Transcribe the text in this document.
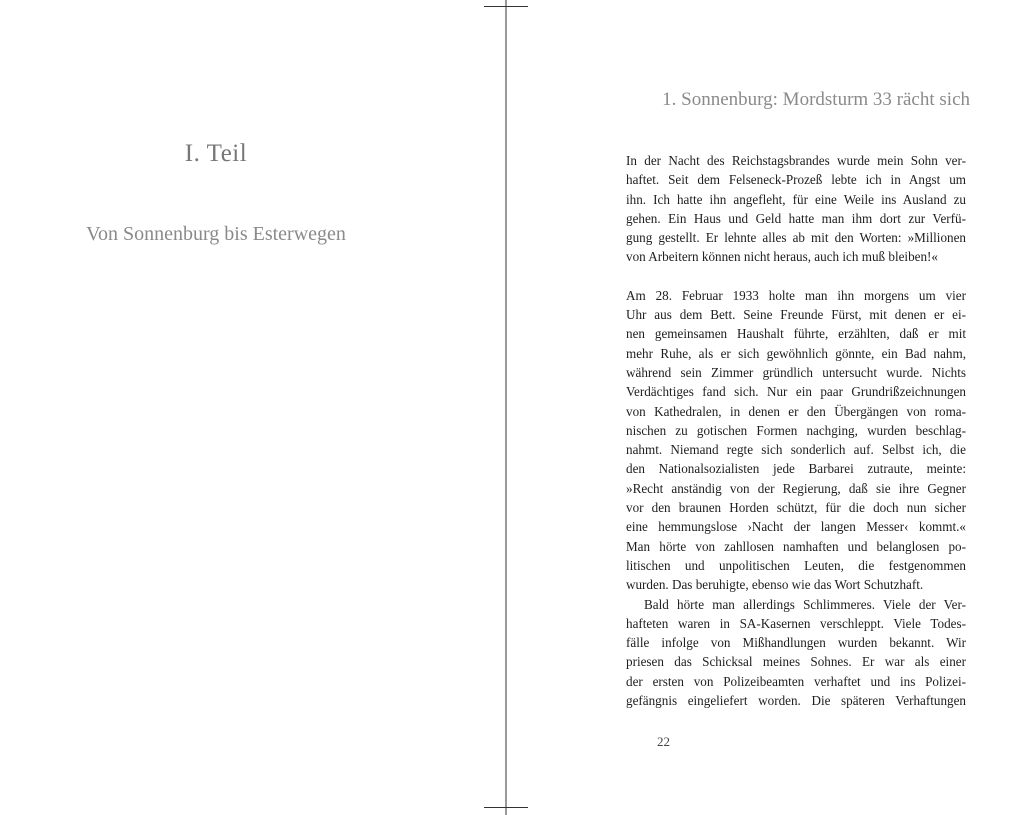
I. Teil
Von Sonnenburg bis Esterwegen
1. Sonnenburg: Mordsturm 33 rächt sich
In der Nacht des Reichstagsbrandes wurde mein Sohn ver-
haftet. Seit dem Felseneck-Prozeß lebte ich in Angst um
ihn. Ich hatte ihn angefleht, für eine Weile ins Ausland zu
gehen. Ein Haus und Geld hatte man ihm dort zur Verfü-
gung gestellt. Er lehnte alles ab mit den Worten: »Millionen
von Arbeitern können nicht heraus, auch ich muß bleiben!«
Am 28. Februar 1933 holte man ihn morgens um vier
Uhr aus dem Bett. Seine Freunde Fürst, mit denen er ei-
nen gemeinsamen Haushalt führte, erzählten, daß er mit
mehr Ruhe, als er sich gewöhnlich gönnte, ein Bad nahm,
während sein Zimmer gründlich untersucht wurde. Nichts
Verdächtiges fand sich. Nur ein paar Grundrißzeichnungen
von Kathedralen, in denen er den Übergängen von roma-
nischen zu gotischen Formen nachging, wurden beschlag-
nahmt. Niemand regte sich sonderlich auf. Selbst ich, die
den Nationalsozialisten jede Barbarei zutraute, meinte:
»Recht anständig von der Regierung, daß sie ihre Gegner
vor den braunen Horden schützt, für die doch nun sicher
eine hemmungslose ›Nacht der langen Messer‹ kommt.«
Man hörte von zahllosen namhaften und belanglosen po-
litischen und unpolitischen Leuten, die festgenommen
wurden. Das beruhigte, ebenso wie das Wort Schutzhaft.
Bald hörte man allerdings Schlimmeres. Viele der Ver-
hafteten waren in SA-Kasernen verschleppt. Viele Todes-
fälle infolge von Mißhandlungen wurden bekannt. Wir
priesen das Schicksal meines Sohnes. Er war als einer
der ersten von Polizeibeamten verhaftet und ins Polizei-
gefängnis eingeliefert worden. Die späteren Verhaftungen
22
